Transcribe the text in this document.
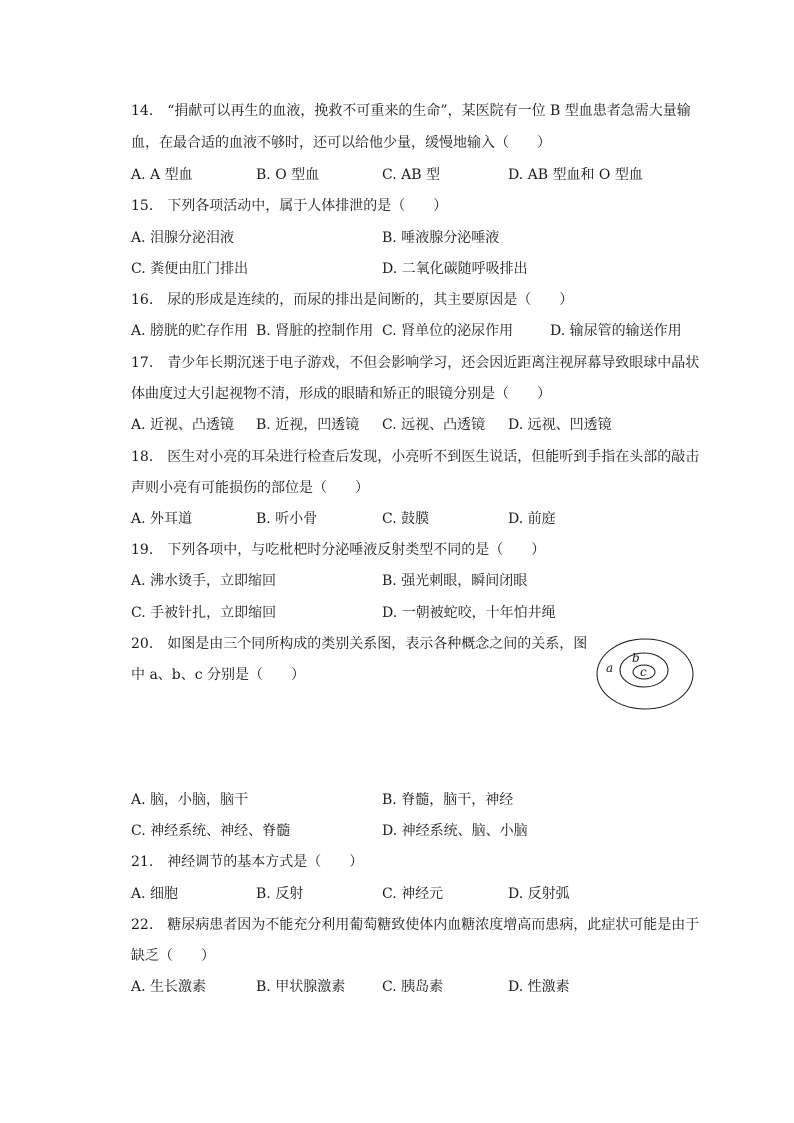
14.　“捐献可以再生的血液，挽救不可重来的生命”，某医院有一位 B 型血患者急需大量输
血，在最合适的血液不够时，还可以给他少量，缓慢地输入（　　）
A. A 型血	B. O 型血	C. AB 型	D. AB 型血和 O 型血
15.　下列各项活动中，属于人体排泄的是（　　）
A. 泪腺分泌泪液	B. 唾液腺分泌唾液
C. 粪便由肛门排出	D. 二氧化碳随呼吸排出
16.　尿的形成是连续的，而尿的排出是间断的，其主要原因是（　　）
A. 膀胱的贮存作用 B. 肾脏的控制作用 C. 肾单位的泌尿作用	D. 输尿管的输送作用
17.　青少年长期沉迷于电子游戏，不但会影响学习，还会因近距离注视屏幕导致眼球中晶状
体曲度过大引起视物不清，形成的眼睛和矫正的眼镜分别是（　　）
A. 近视、凸透镜 B. 近视，凹透镜 C. 远视、凸透镜 D. 远视、凹透镜
18.　医生对小亮的耳朵进行检查后发现，小亮听不到医生说话，但能听到手指在头部的敲击
声则小亮有可能损伤的部位是（　　）
A. 外耳道	B. 听小骨	C. 鼓膜	D. 前庭
19.　下列各项中，与吃枇杷时分泌唾液反射类型不同的是（　　）
A. 沸水烫手，立即缩回	B. 强光刺眼，瞬间闭眼
C. 手被针扎，立即缩回	D. 一朝被蛇咬，十年怕井绳
20.　如图是由三个同所构成的类别关系图，表示各种概念之间的关系，图
中 a、b、c 分别是（　　）	a
b
c
A. 脑，小脑，脑干	B. 脊髓，脑干，神经
C. 神经系统、神经、脊髓	D. 神经系统、脑、小脑
21.　神经调节的基本方式是（　　）
A. 细胞	B. 反射	C. 神经元	D. 反射弧
22.　糖尿病患者因为不能充分利用葡萄糖致使体内血糖浓度增高而患病，此症状可能是由于
缺乏（　　）
A. 生长激素	B. 甲状腺激素	C. 胰岛素	D. 性激素
